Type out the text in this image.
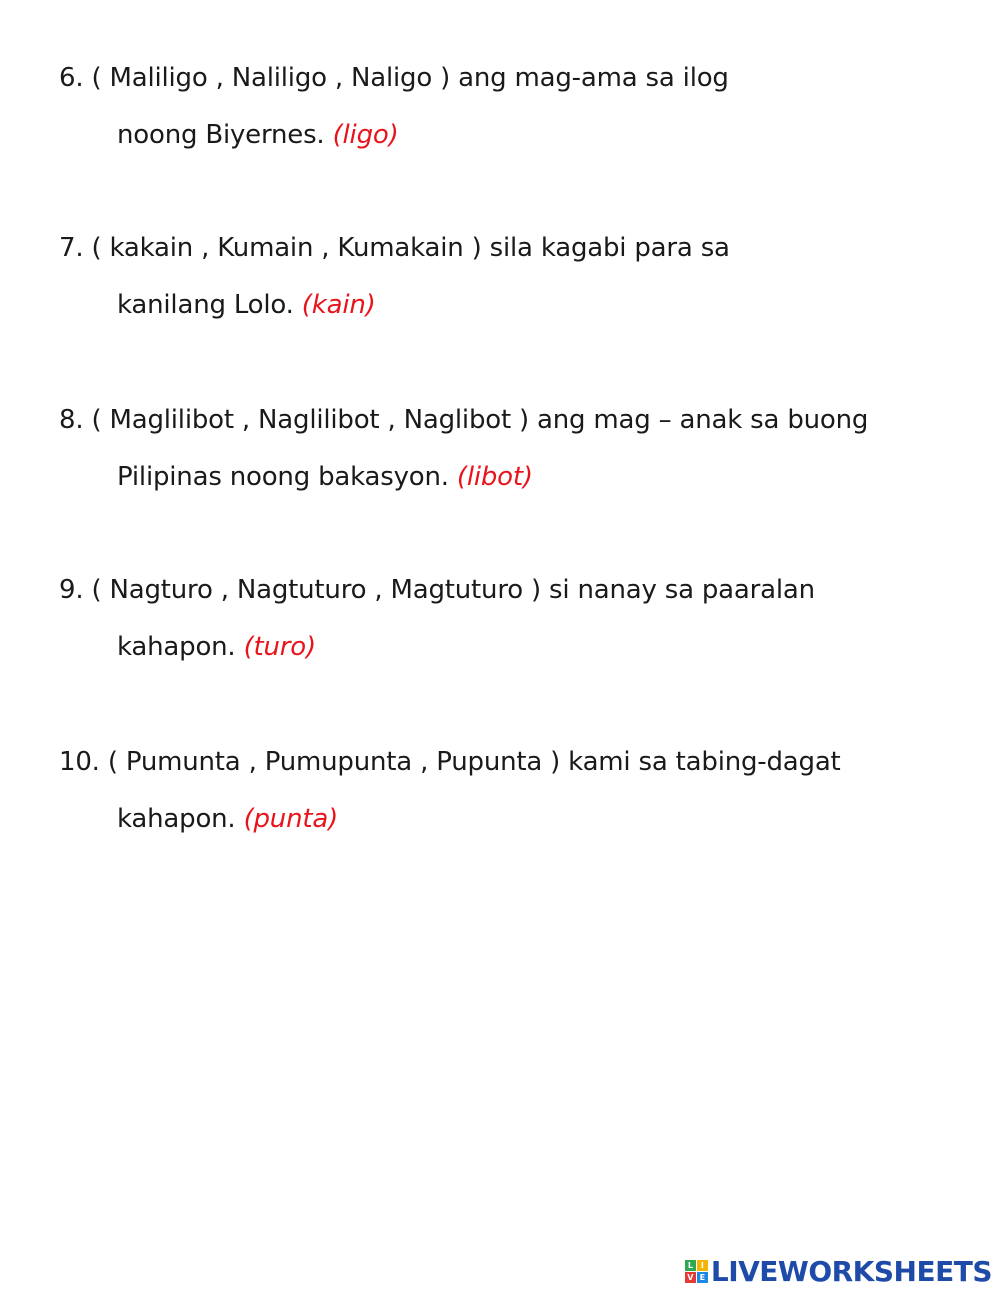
6. ( Maliligo , Naliligo , Naligo ) ang mag-ama sa ilog
noong Biyernes. (ligo)
7. ( kakain , Kumain , Kumakain ) sila kagabi para sa
kanilang Lolo. (kain)
8. ( Maglilibot , Naglilibot , Naglibot ) ang mag – anak sa buong
Pilipinas noong bakasyon. (libot)
9. ( Nagturo , Nagtuturo , Magtuturo ) si nanay sa paaralan
kahapon. (turo)
10. ( Pumunta , Pumupunta , Pupunta ) kami sa tabing-dagat
kahapon. (punta)
L I
V E LIVEWORKSHEETS
